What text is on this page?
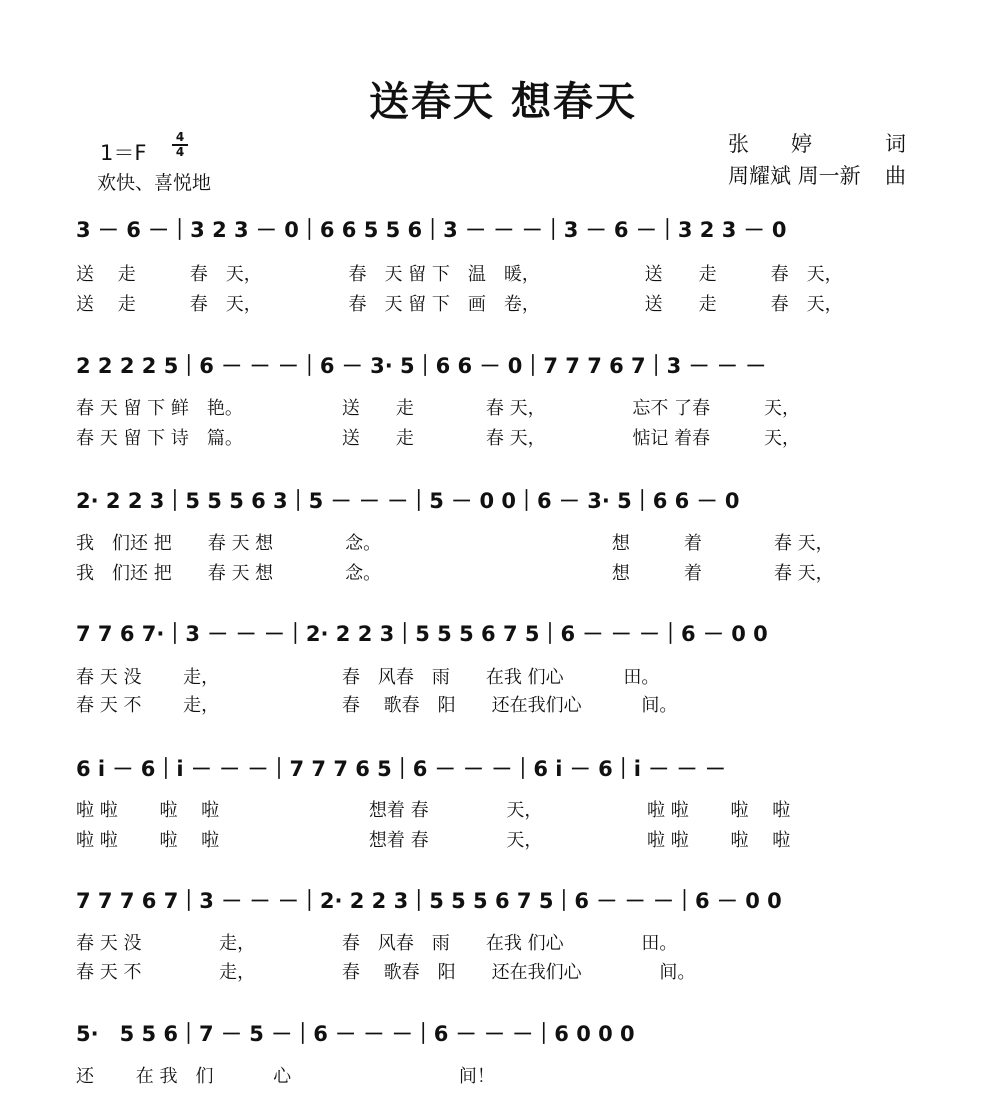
送春天 想春天
1＝F
4
4
欢快、喜悦地
张　　婷	词
周耀斌 周一新 曲
3 － 6 －｜3 2 3 － 0｜6 6 5 5 6｜3 － － －｜3 － 6 －｜3 2 3 － 0
送　 走　　　春　天，　　　　　 春　天 留 下　温　暖，　　　　　　 送　　走　　　春　天，
送　 走　　　春　天，　　　　　 春　天 留 下　画　卷，　　　　　　 送　　走　　　春　天，
2 2 2 2 5｜6 － － －｜6 － 3· 5｜6 6 － 0｜7 7 7 6 7｜3 － － －
春 天 留 下 鲜　艳。　　　　　　送　　走　　　　春 天，　　　　　 忘不 了春　　　天，
春 天 留 下 诗　篇。　　　　　　送　　走　　　　春 天，　　　　　 惦记 着春　　　天，
2· 2 2 3｜5 5 5 6 3｜5 － － －｜5 － 0 0｜6 － 3· 5｜6 6 － 0
我　们还 把　　春 天 想　　　　念。　　　　　　　　　　　　　 想　　　着　　　　春 天，
我　们还 把　　春 天 想　　　　念。　　　　　　　　　　　　　 想　　　着　　　　春 天，
7 7 6 7·｜3 － － －｜2· 2 2 3｜5 5 5 6 7 5｜6 － － －｜6 － 0 0
春 天 没　　 走，　　　　　　　 春　风春　雨　　在我 们心　　　 田。
春 天 不　　 走，　　　　　　　 春　 歌春　阳　　还在我们心　　　 间。
6 i － 6｜i － － －｜7 7 7 6 5｜6 － － －｜6 i － 6｜i － － －
啦 啦　　 啦　 啦　　　　　　　　 想着 春　　　　 天，　　　　　　 啦 啦　　 啦　 啦
啦 啦　　 啦　 啦　　　　　　　　 想着 春　　　　 天，　　　　　　 啦 啦　　 啦　 啦
7 7 7 6 7｜3 － － －｜2· 2 2 3｜5 5 5 6 7 5｜6 － － －｜6 － 0 0
春 天 没　　　　 走，　　　　　 春　风春　雨　　在我 们心　　　　 田。
春 天 不　　　　 走，　　　　　 春　 歌春　阳　　还在我们心　　　　 间。
5·　5 5 6｜7 － 5 －｜6 － － －｜6 － － －｜6 0 0 0
还　　 在 我　们　　　 心　　　　　　　　　 间！
